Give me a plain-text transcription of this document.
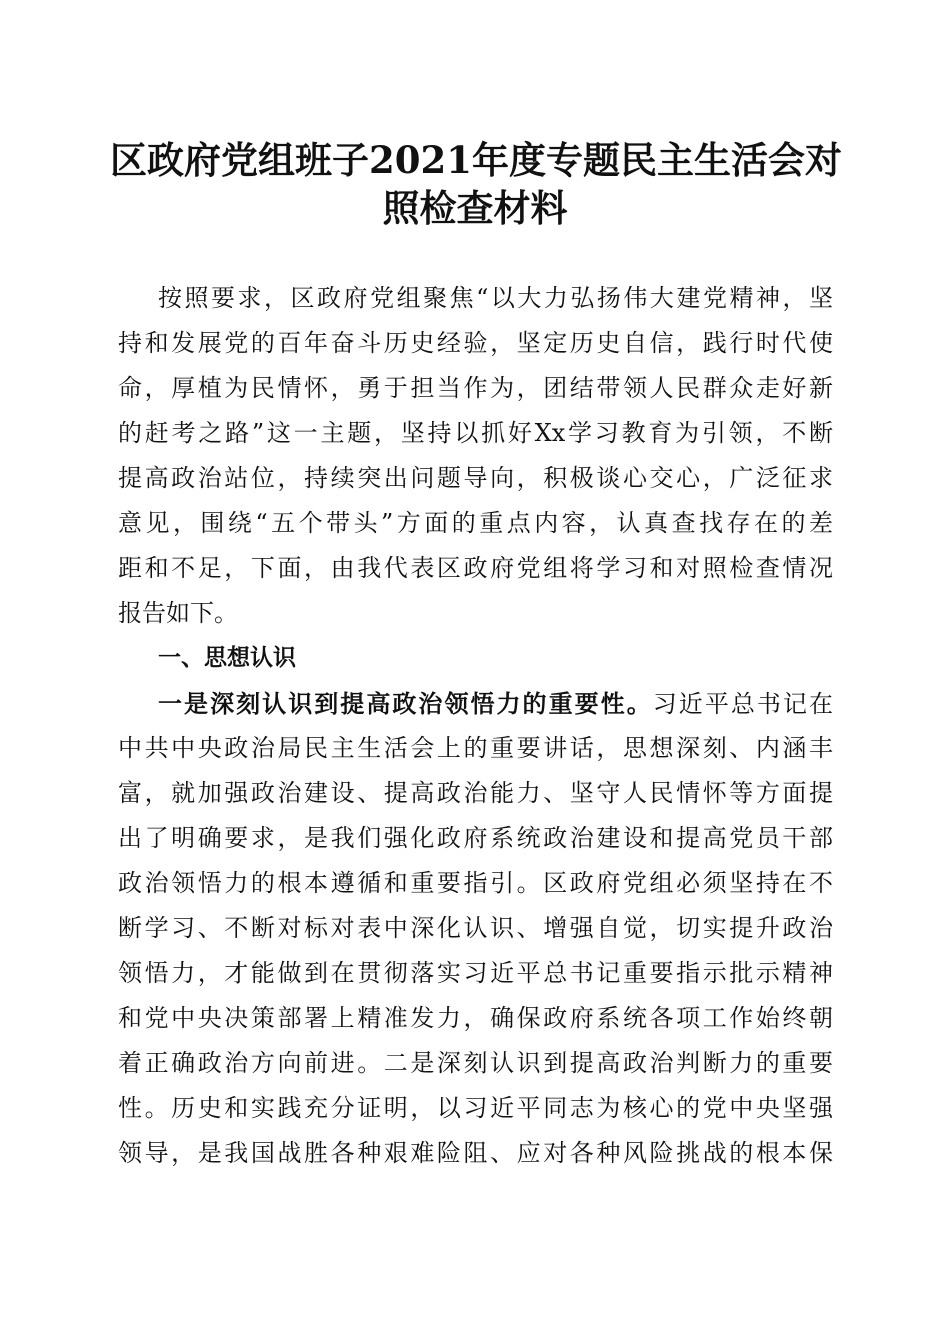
区政府党组班子2021年度专题民主生活会对
照检查材料
按照要求，区政府党组聚焦“以大力弘扬伟大建党精神，坚
持和发展党的百年奋斗历史经验，坚定历史自信，践行时代使
命，厚植为民情怀，勇于担当作为，团结带领人民群众走好新
的赶考之路”这一主题，坚持以抓好Xx学习教育为引领，不断
提高政治站位，持续突出问题导向，积极谈心交心，广泛征求
意见，围绕“五个带头”方面的重点内容，认真查找存在的差
距和不足，下面，由我代表区政府党组将学习和对照检查情况
报告如下。
一、思想认识
一是深刻认识到提高政治领悟力的重要性。习近平总书记在
中共中央政治局民主生活会上的重要讲话，思想深刻、内涵丰
富，就加强政治建设、提高政治能力、坚守人民情怀等方面提
出了明确要求，是我们强化政府系统政治建设和提高党员干部
政治领悟力的根本遵循和重要指引。区政府党组必须坚持在不
断学习、不断对标对表中深化认识、增强自觉，切实提升政治
领悟力，才能做到在贯彻落实习近平总书记重要指示批示精神
和党中央决策部署上精准发力，确保政府系统各项工作始终朝
着正确政治方向前进。二是深刻认识到提高政治判断力的重要
性。历史和实践充分证明，以习近平同志为核心的党中央坚强
领导，是我国战胜各种艰难险阻、应对各种风险挑战的根本保
